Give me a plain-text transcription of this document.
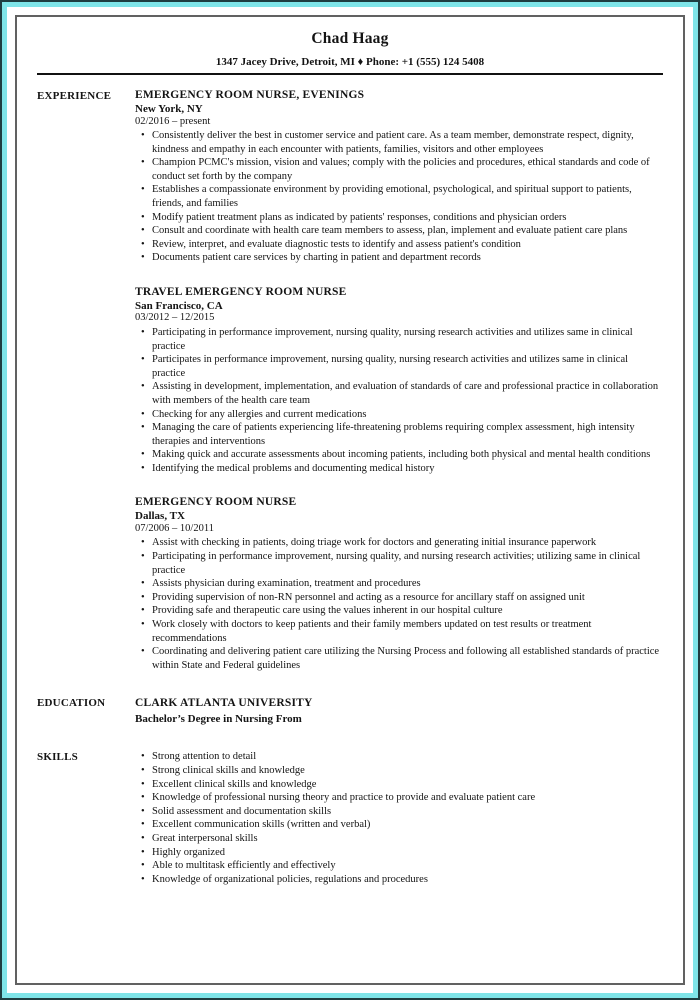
Chad Haag
1347 Jacey Drive, Detroit, MI ♦ Phone: +1 (555) 124 5408
EXPERIENCE	EMERGENCY ROOM NURSE, EVENINGS
New York, NY
02/2016 – present
• Consistently deliver the best in customer service and patient care. As a team member, demonstrate respect, dignity, kindness and empathy in each encounter with patients, families, visitors and other employees
• Champion PCMC's mission, vision and values; comply with the policies and procedures, ethical standards and code of conduct set forth by the company
• Establishes a compassionate environment by providing emotional, psychological, and spiritual support to patients, friends, and families
• Modify patient treatment plans as indicated by patients' responses, conditions and physician orders
• Consult and coordinate with health care team members to assess, plan, implement and evaluate patient care plans
• Review, interpret, and evaluate diagnostic tests to identify and assess patient's condition
• Documents patient care services by charting in patient and department records
TRAVEL EMERGENCY ROOM NURSE
San Francisco, CA
03/2012 – 12/2015
• Participating in performance improvement, nursing quality, nursing research activities and utilizes same in clinical practice
• Participates in performance improvement, nursing quality, nursing research activities and utilizes same in clinical practice
• Assisting in development, implementation, and evaluation of standards of care and professional practice in collaboration with members of the health care team
• Checking for any allergies and current medications
• Managing the care of patients experiencing life-threatening problems requiring complex assessment, high intensity therapies and interventions
• Making quick and accurate assessments about incoming patients, including both physical and mental health conditions
• Identifying the medical problems and documenting medical history
EMERGENCY ROOM NURSE
Dallas, TX
07/2006 – 10/2011
• Assist with checking in patients, doing triage work for doctors and generating initial insurance paperwork
• Participating in performance improvement, nursing quality, and nursing research activities; utilizing same in clinical practice
• Assists physician during examination, treatment and procedures
• Providing supervision of non-RN personnel and acting as a resource for ancillary staff on assigned unit
• Providing safe and therapeutic care using the values inherent in our hospital culture
• Work closely with doctors to keep patients and their family members updated on test results or treatment recommendations
• Coordinating and delivering patient care utilizing the Nursing Process and following all established standards of practice within State and Federal guidelines
EDUCATION	CLARK ATLANTA UNIVERSITY
Bachelor’s Degree in Nursing From
SKILLS	• Strong attention to detail
• Strong clinical skills and knowledge
• Excellent clinical skills and knowledge
• Knowledge of professional nursing theory and practice to provide and evaluate patient care
• Solid assessment and documentation skills
• Excellent communication skills (written and verbal)
• Great interpersonal skills
• Highly organized
• Able to multitask efficiently and effectively
• Knowledge of organizational policies, regulations and procedures
